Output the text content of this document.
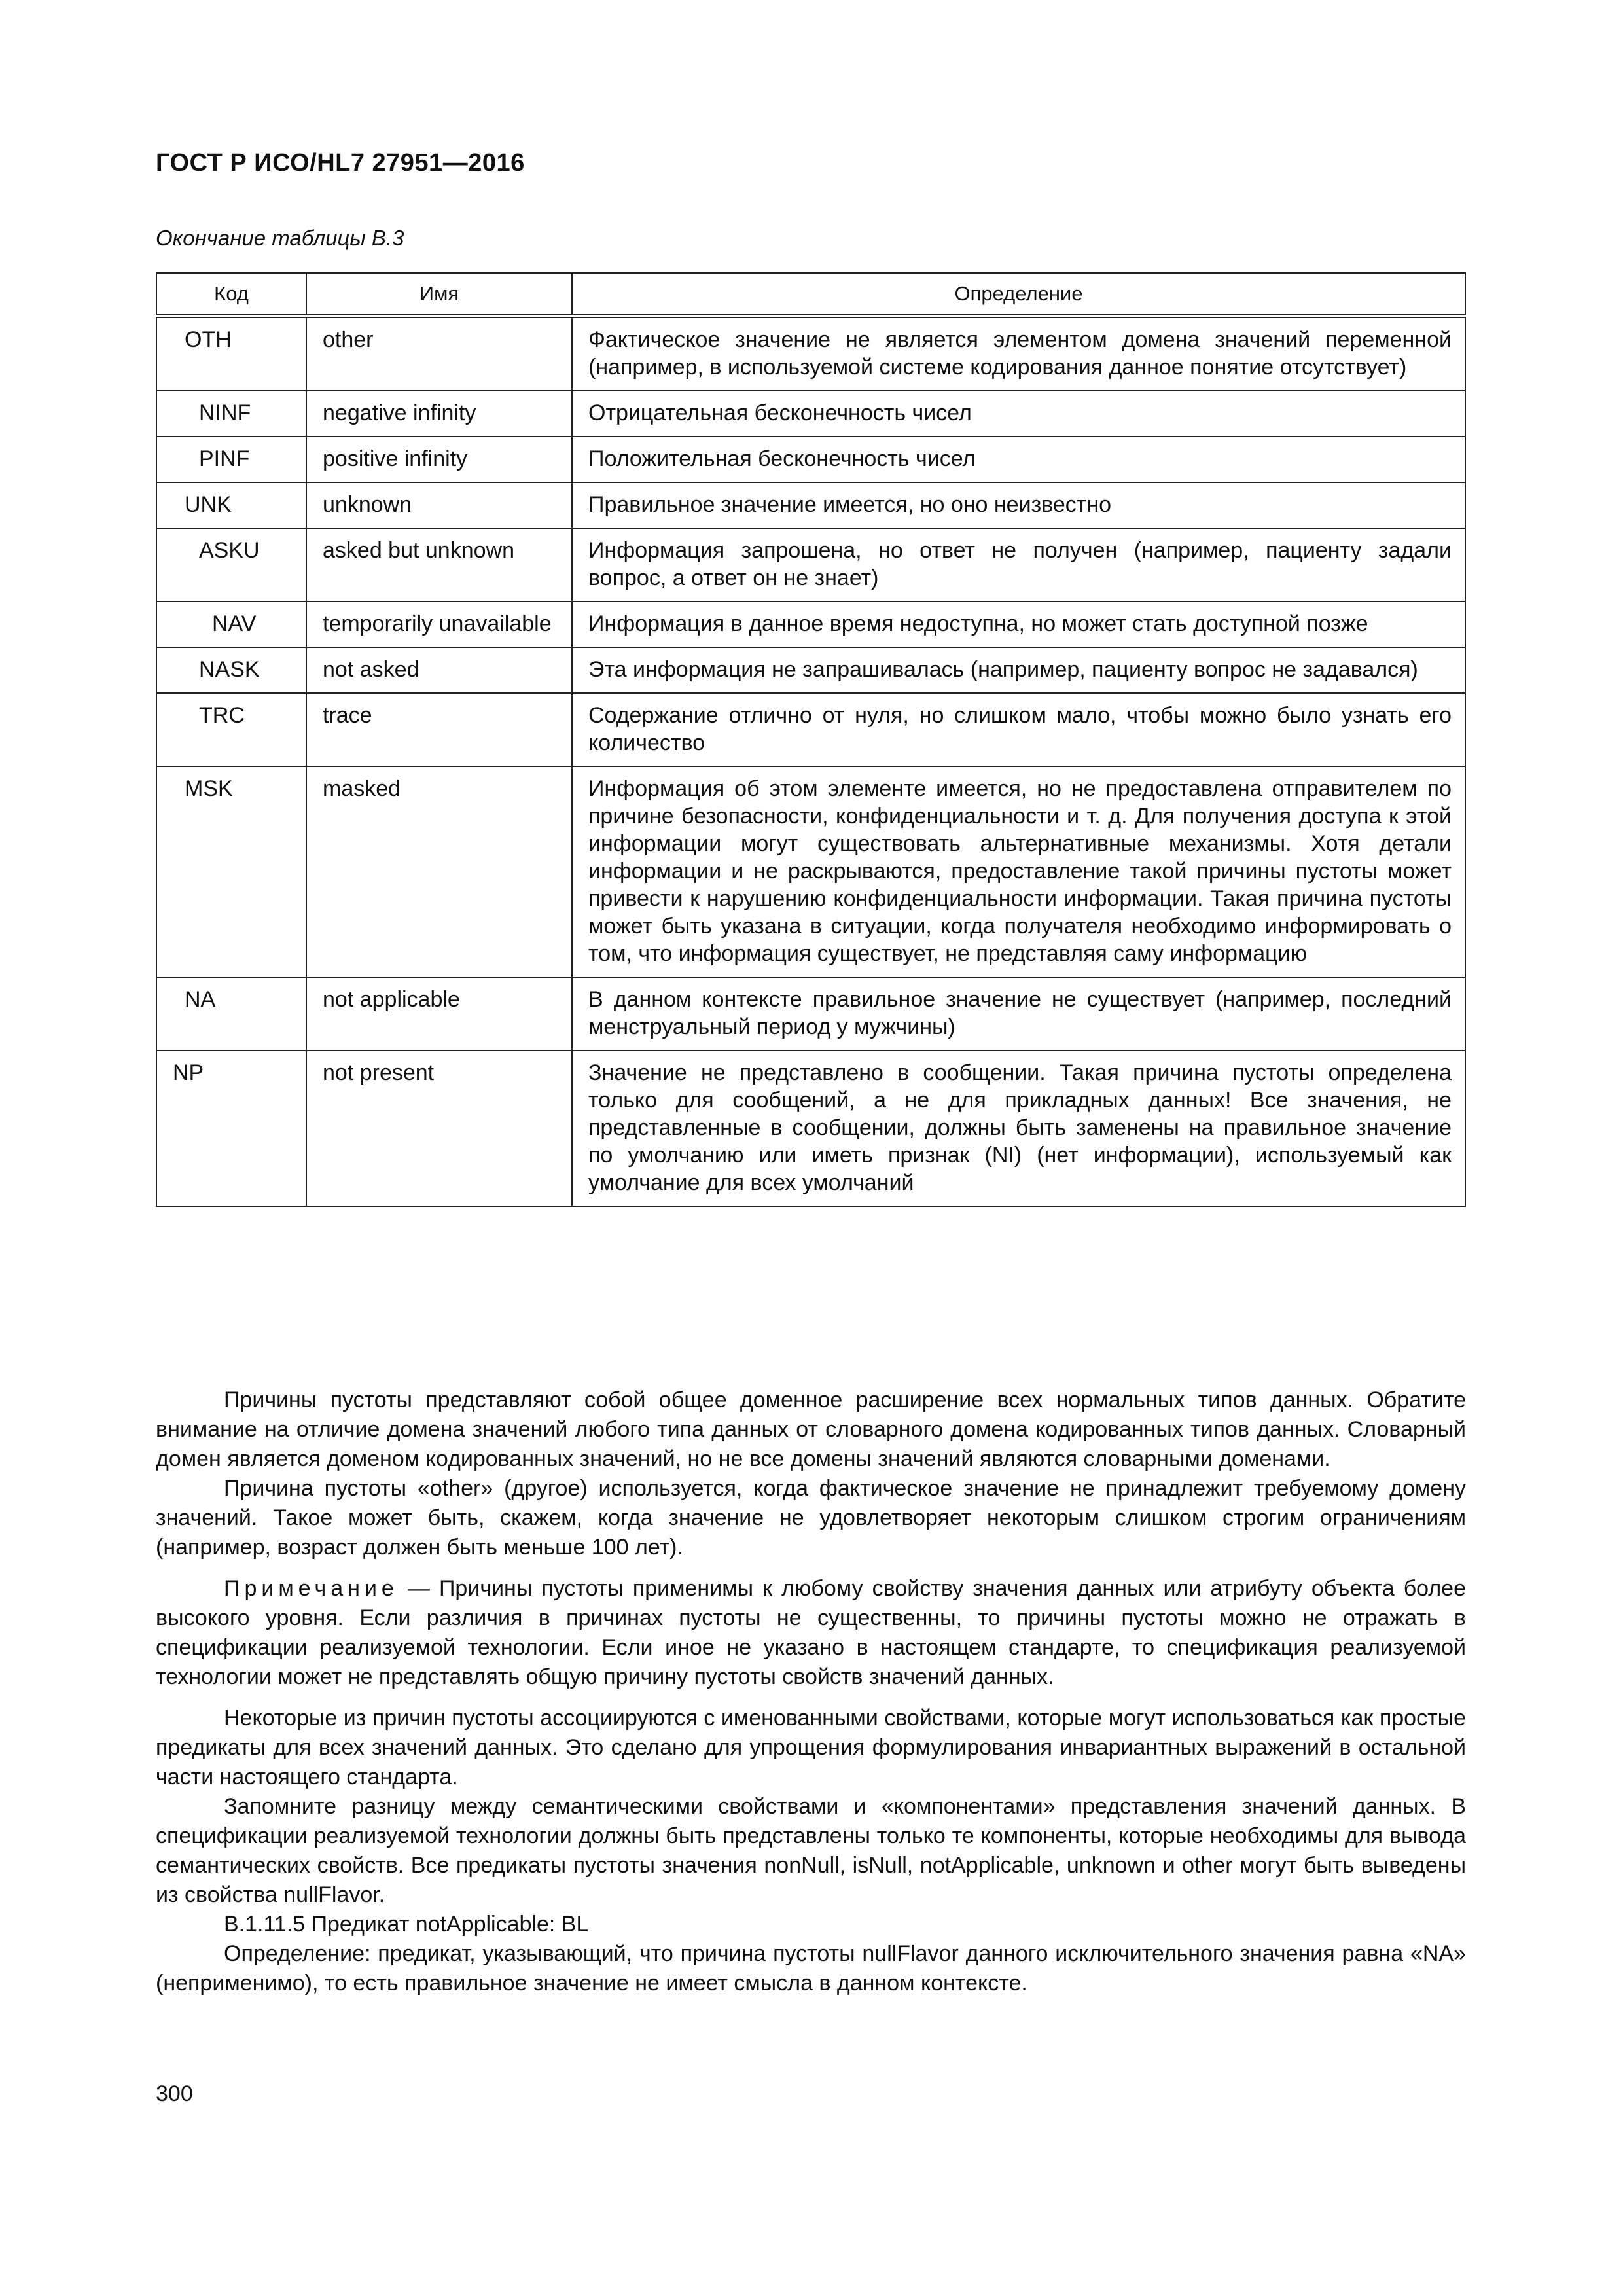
ГОСТ Р ИСО/HL7 27951—2016
Окончание таблицы В.3
Код	Имя	Определение
OTH	other	Фактическое значение не является элементом домена значений переменной (например, в используемой системе кодирования данное понятие отсутствует)
NINF	negative infinity	Отрицательная бесконечность чисел
PINF	positive infinity	Положительная бесконечность чисел
UNK	unknown	Правильное значение имеется, но оно неизвестно
ASKU	asked but unknown	Информация запрошена, но ответ не получен (например, пациенту задали вопрос, а ответ он не знает)
NAV	temporarily unavailable	Информация в данное время недоступна, но может стать доступной позже
NASK	not asked	Эта информация не запрашивалась (например, пациенту вопрос не задавался)
TRC	trace	Содержание отлично от нуля, но слишком мало, чтобы можно было узнать его количество
MSK	masked	Информация об этом элементе имеется, но не предоставлена отправителем по причине безопасности, конфиденциальности и т. д. Для получения доступа к этой информации могут существовать альтернативные механизмы. Хотя детали информации и не раскрываются, предоставление такой причины пустоты может привести к нарушению конфиденциальности информации. Такая причина пустоты может быть указана в ситуации, когда получателя необходимо информировать о том, что информация существует, не представляя саму информацию
NA	not applicable	В данном контексте правильное значение не существует (например, последний менструальный период у мужчины)
NP	not present	Значение не представлено в сообщении. Такая причина пустоты определена только для сообщений, а не для прикладных данных! Все значения, не представленные в сообщении, должны быть заменены на правильное значение по умолчанию или иметь признак (NI) (нет информации), используемый как умолчание для всех умолчаний

Причины пустоты представляют собой общее доменное расширение всех нормальных типов данных. Обратите внимание на отличие домена значений любого типа данных от словарного домена кодированных типов данных. Словарный домен является доменом кодированных значений, но не все домены значений являются словарными доменами.

Причина пустоты «other» (другое) используется, когда фактическое значение не принадлежит требуемому домену значений. Такое может быть, скажем, когда значение не удовлетворяет некоторым слишком строгим ограничениям (например, возраст должен быть меньше 100 лет).

Примечание — Причины пустоты применимы к любому свойству значения данных или атрибуту объекта более высокого уровня. Если различия в причинах пустоты не существенны, то причины пустоты можно не отражать в спецификации реализуемой технологии. Если иное не указано в настоящем стандарте, то спецификация реализуемой технологии может не представлять общую причину пустоты свойств значений данных.

Некоторые из причин пустоты ассоциируются с именованными свойствами, которые могут использоваться как простые предикаты для всех значений данных. Это сделано для упрощения формулирования инвариантных выражений в остальной части настоящего стандарта.

Запомните разницу между семантическими свойствами и «компонентами» представления значений данных. В спецификации реализуемой технологии должны быть представлены только те компоненты, которые необходимы для вывода семантических свойств. Все предикаты пустоты значения nonNull, isNull, notApplicable, unknown и other могут быть выведены из свойства nullFlavor.

В.1.11.5 Предикат notApplicable: BL

Определение: предикат, указывающий, что причина пустоты nullFlavor данного исключительного значения равна «NA» (неприменимо), то есть правильное значение не имеет смысла в данном контексте.

300
